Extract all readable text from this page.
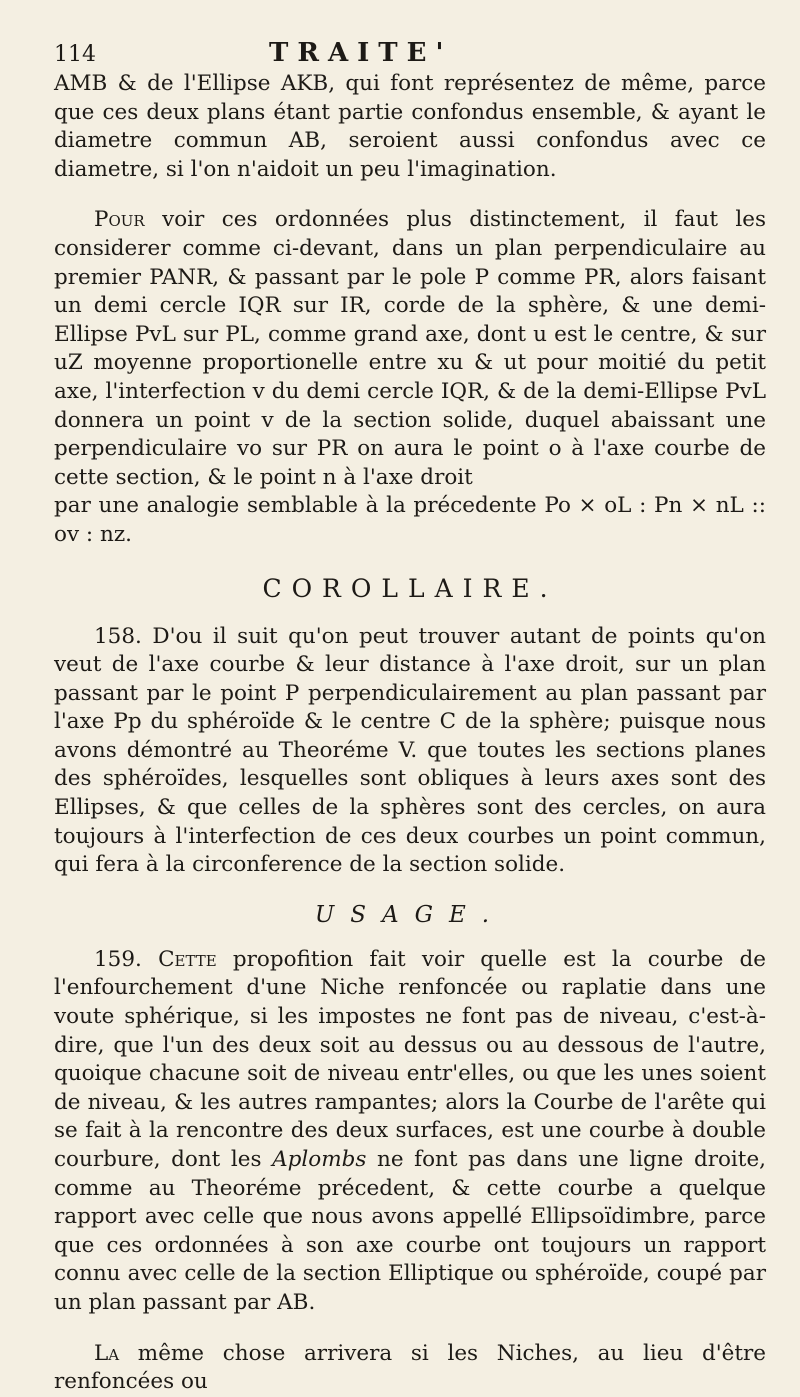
114	TRAITE'

AMB & de l'Ellipse AKB, qui font représentez de même, parce que ces deux plans étant partie confondus ensemble, & ayant le diametre commun AB, seroient aussi confondus avec ce diametre, si l'on n'aidoit un peu l'imagination.

Pour voir ces ordonnées plus distinctement, il faut les considerer comme ci-devant, dans un plan perpendiculaire au premier PANR, & passant par le pole P comme PR, alors faisant un demi cercle IQR sur IR, corde de la sphère, & une demi-Ellipse PvL sur PL, comme grand axe, dont u est le centre, & sur uZ moyenne proportionelle entre xu & ut pour moitié du petit axe, l'interfection v du demi cercle IQR, & de la demi-Ellipse PvL donnera un point v de la section solide, duquel abaissant une perpendiculaire vo sur PR on aura le point o à l'axe courbe de cette section, & le point n à l'axe droit

par une analogie semblable à la précedente Po × oL : Pn × nL :: ov : nz.

COROLLAIRE.

158. D'ou il suit qu'on peut trouver autant de points qu'on veut de l'axe courbe & leur distance à l'axe droit, sur un plan passant par le point P perpendiculairement au plan passant par l'axe Pp du sphéroïde & le centre C de la sphère; puisque nous avons démontré au Theoréme V. que toutes les sections planes des sphéroïdes, lesquelles sont obliques à leurs axes sont des Ellipses, & que celles de la sphères sont des cercles, on aura toujours à l'interfection de ces deux courbes un point commun, qui fera à la circonference de la section solide.

USAGE.

159. Cette propofition fait voir quelle est la courbe de l'enfourchement d'une Niche renfoncée ou raplatie dans une voute sphérique, si les impostes ne font pas de niveau, c'est-à-dire, que l'un des deux soit au dessus ou au dessous de l'autre, quoique chacune soit de niveau entr'elles, ou que les unes soient de niveau, & les autres rampantes; alors la Courbe de l'arête qui se fait à la rencontre des deux surfaces, est une courbe à double courbure, dont les Aplombs ne font pas dans une ligne droite, comme au Theoréme précedent, & cette courbe a quelque rapport avec celle que nous avons appellé Ellipsoïdimbre, parce que ces ordonnées à son axe courbe ont toujours un rapport connu avec celle de la section Elliptique ou sphéroïde, coupé par un plan passant par AB.

La même chose arrivera si les Niches, au lieu d'être renfoncées ou
